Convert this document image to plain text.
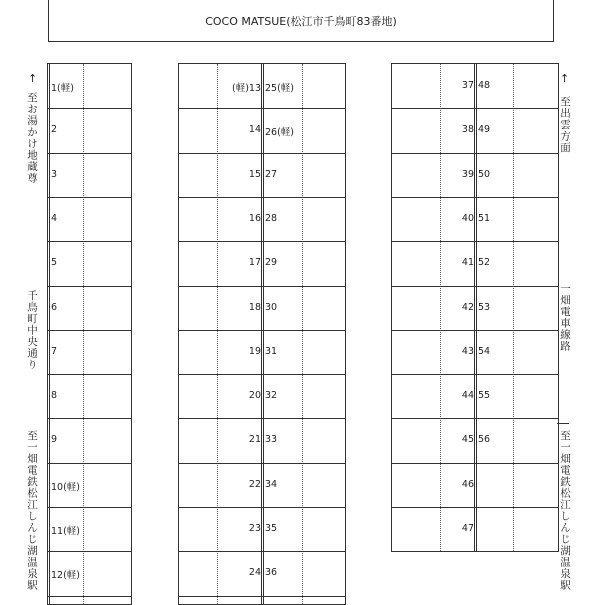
COCO MATSUE(松江市千鳥町83番地)
1(軽)
2
3
4
5
6
7
8
9
10(軽)
11(軽)
12(軽)
(軽)13
14
15
16
17
18
19
20
21
22
23
24
25(軽)
26(軽)
27
28
29
30
31
32
33
34
35
36
37
38
39
40
41
42
43
44
45
46
47
48
49
50
51
52
53
54
55
56
↑
至お湯かけ地蔵尊
千鳥町中央通り
至一畑電鉄松江しんじ湖温泉駅
↑
至出雲方面
一畑電車線路
至一畑電鉄松江しんじ湖温泉駅
